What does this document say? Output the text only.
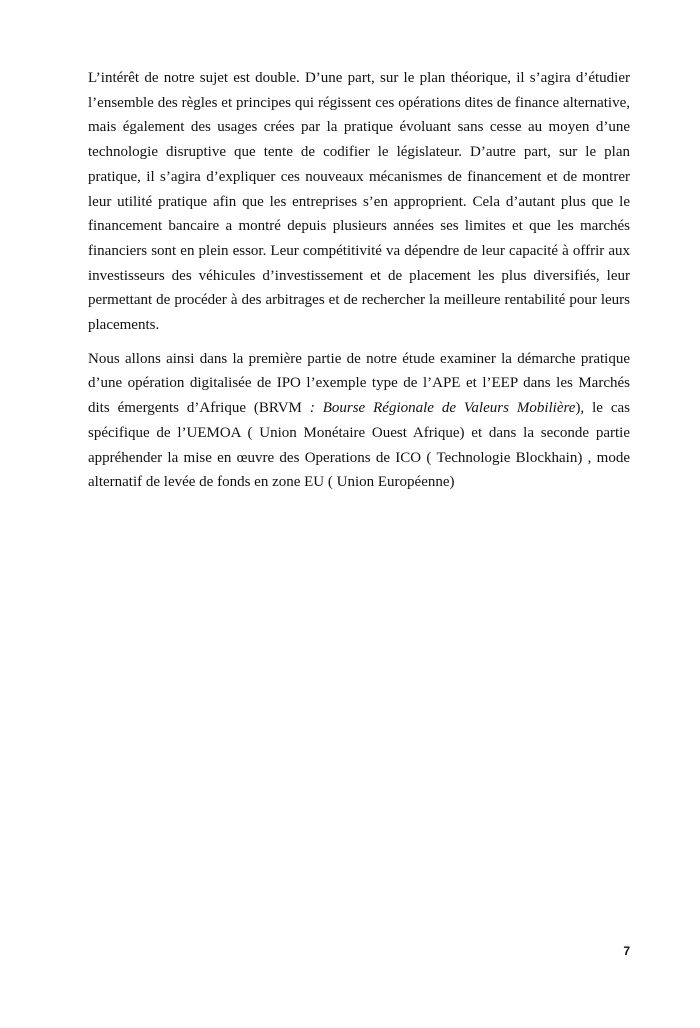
L’intérêt de notre sujet est double. D’une part, sur le plan théorique, il s’agira d’étudier l’ensemble des règles et principes qui régissent ces opérations dites de finance alternative, mais également des usages crées par la pratique évoluant sans cesse au moyen d’une technologie disruptive que tente de codifier le législateur. D’autre part, sur le plan pratique, il s’agira d’expliquer ces nouveaux mécanismes de financement et de montrer leur utilité pratique afin que les entreprises s’en approprient. Cela d’autant plus que le financement bancaire a montré depuis plusieurs années ses limites et que les marchés financiers sont en plein essor. Leur compétitivité va dépendre de leur capacité à offrir aux investisseurs des véhicules d’investissement et de placement les plus diversifiés, leur permettant de procéder à des arbitrages et de rechercher la meilleure rentabilité pour leurs placements.

Nous allons ainsi dans la première partie de notre étude examiner la démarche pratique d’une opération digitalisée de IPO l’exemple type de l’APE et l’EEP dans les Marchés dits émergents d’Afrique (BRVM : Bourse Régionale de Valeurs Mobilière), le cas spécifique de l’UEMOA ( Union Monétaire Ouest Afrique) et dans la seconde partie appréhender la mise en œuvre des Operations de ICO ( Technologie Blockhain) , mode alternatif de levée de fonds en zone EU ( Union Européenne)

7
